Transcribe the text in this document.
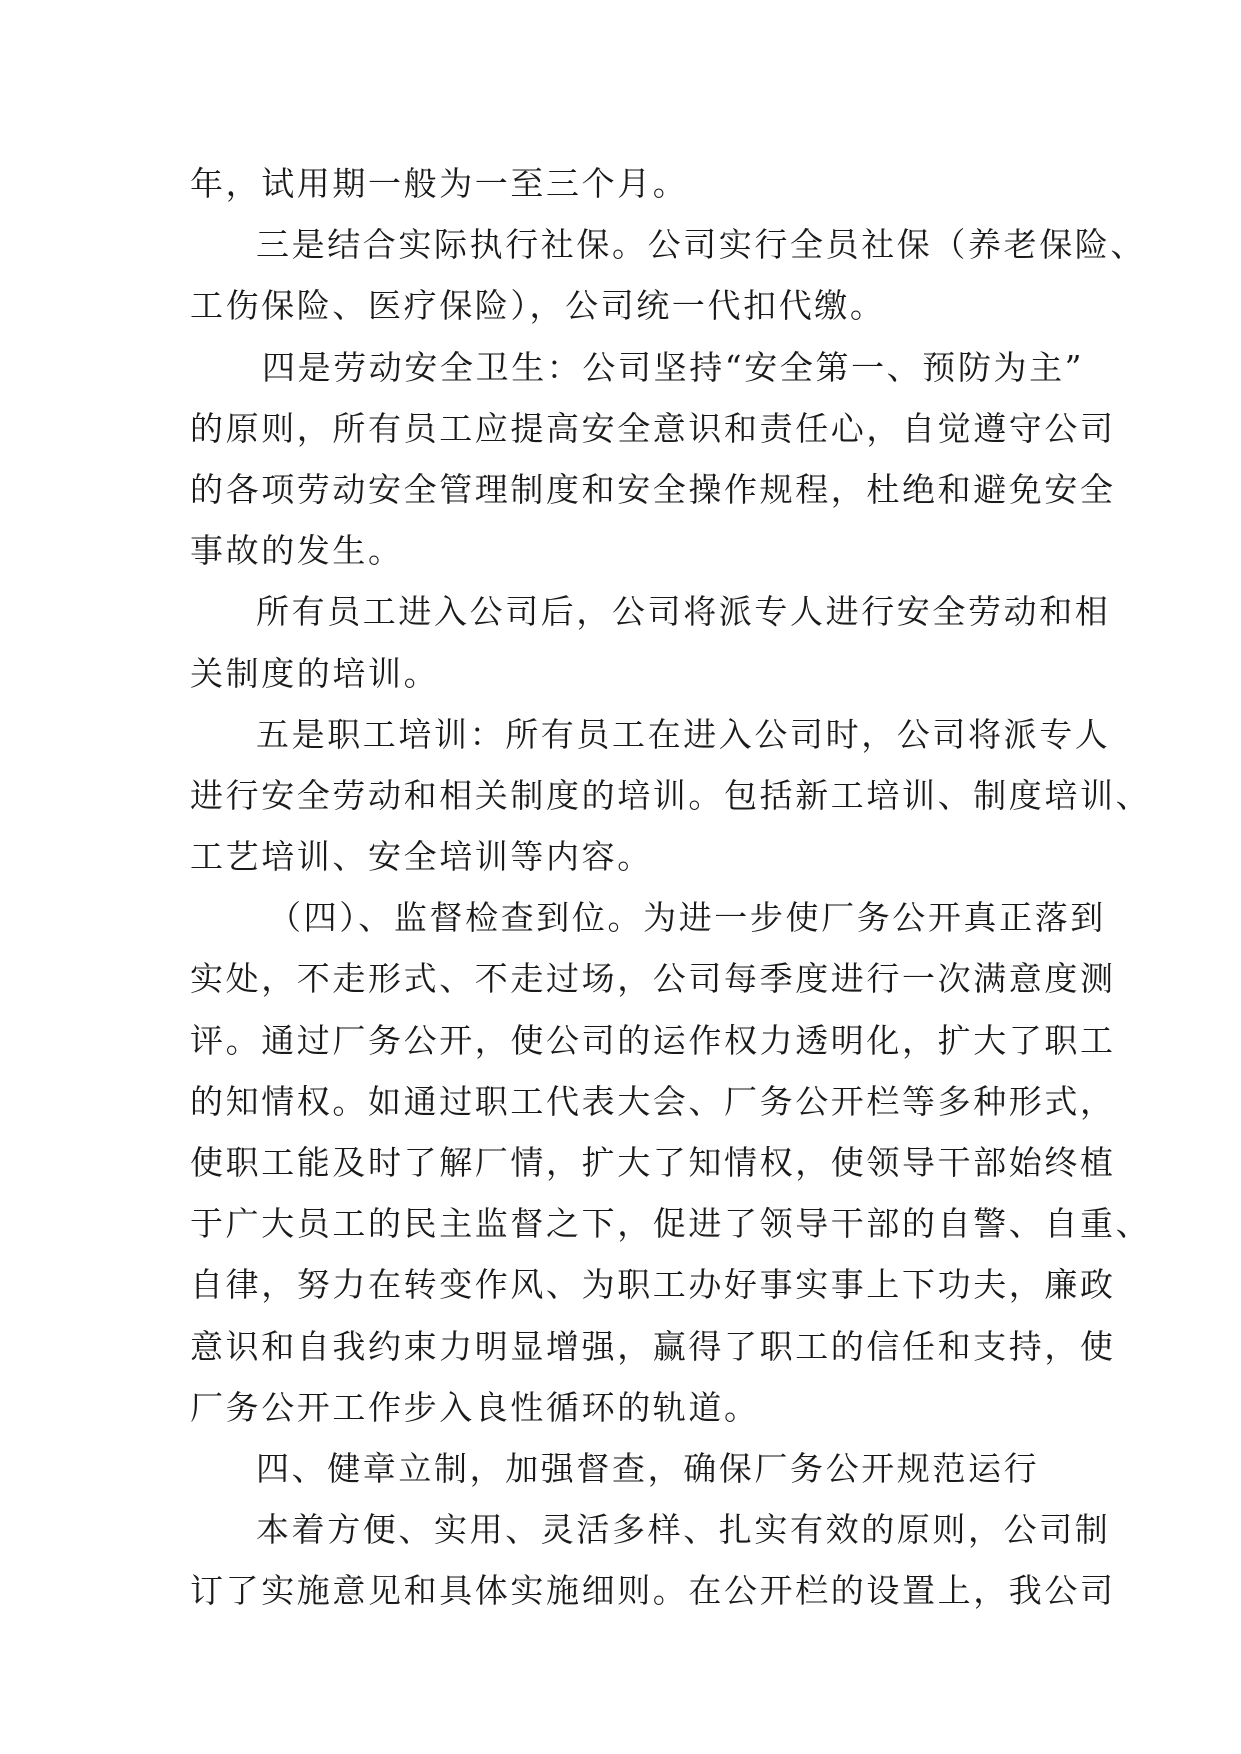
年，试用期一般为一至三个月。
三是结合实际执行社保。公司实行全员社保（养老保险、
工伤保险、医疗保险），公司统一代扣代缴。
四是劳动安全卫生：公司坚持“安全第一、预防为主”
的原则，所有员工应提高安全意识和责任心，自觉遵守公司
的各项劳动安全管理制度和安全操作规程，杜绝和避免安全
事故的发生。
所有员工进入公司后，公司将派专人进行安全劳动和相
关制度的培训。
五是职工培训：所有员工在进入公司时，公司将派专人
进行安全劳动和相关制度的培训。包括新工培训、制度培训、
工艺培训、安全培训等内容。
（四）、监督检查到位。为进一步使厂务公开真正落到
实处，不走形式、不走过场，公司每季度进行一次满意度测
评。通过厂务公开，使公司的运作权力透明化，扩大了职工
的知情权。如通过职工代表大会、厂务公开栏等多种形式，
使职工能及时了解厂情，扩大了知情权，使领导干部始终植
于广大员工的民主监督之下，促进了领导干部的自警、自重、
自律，努力在转变作风、为职工办好事实事上下功夫，廉政
意识和自我约束力明显增强，赢得了职工的信任和支持，使
厂务公开工作步入良性循环的轨道。
四、健章立制，加强督查，确保厂务公开规范运行
本着方便、实用、灵活多样、扎实有效的原则，公司制
订了实施意见和具体实施细则。在公开栏的设置上，我公司
